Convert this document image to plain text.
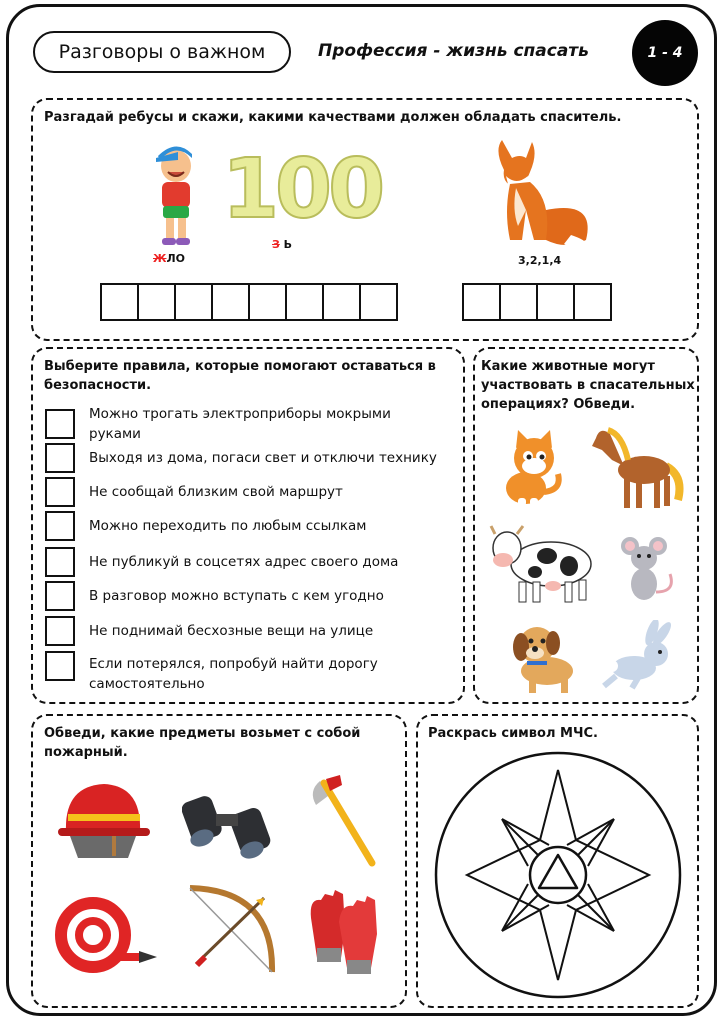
Разговоры о важном	Профессия - жизнь спасать	1 - 4
Разгадай ребусы и скажи, какими качествами должен обладать спаситель.
ЖЛО
100
З Ь
3,2,1,4
Выберите правила, которые помогают оставаться в безопасности.
Можно трогать электроприборы мокрыми руками
Выходя из дома, погаси свет и отключи технику
Не сообщай близким свой маршрут
Можно переходить по любым ссылкам
Не публикуй в соцсетях адрес своего дома
В разговор можно вступать с кем угодно
Не поднимай бесхозные вещи на улице
Если потерялся, попробуй найти дорогу самостоятельно
Какие животные могут участвовать в спасательных операциях? Обведи.
Обведи, какие предметы возьмет с собой пожарный.
Раскрась символ МЧС.
